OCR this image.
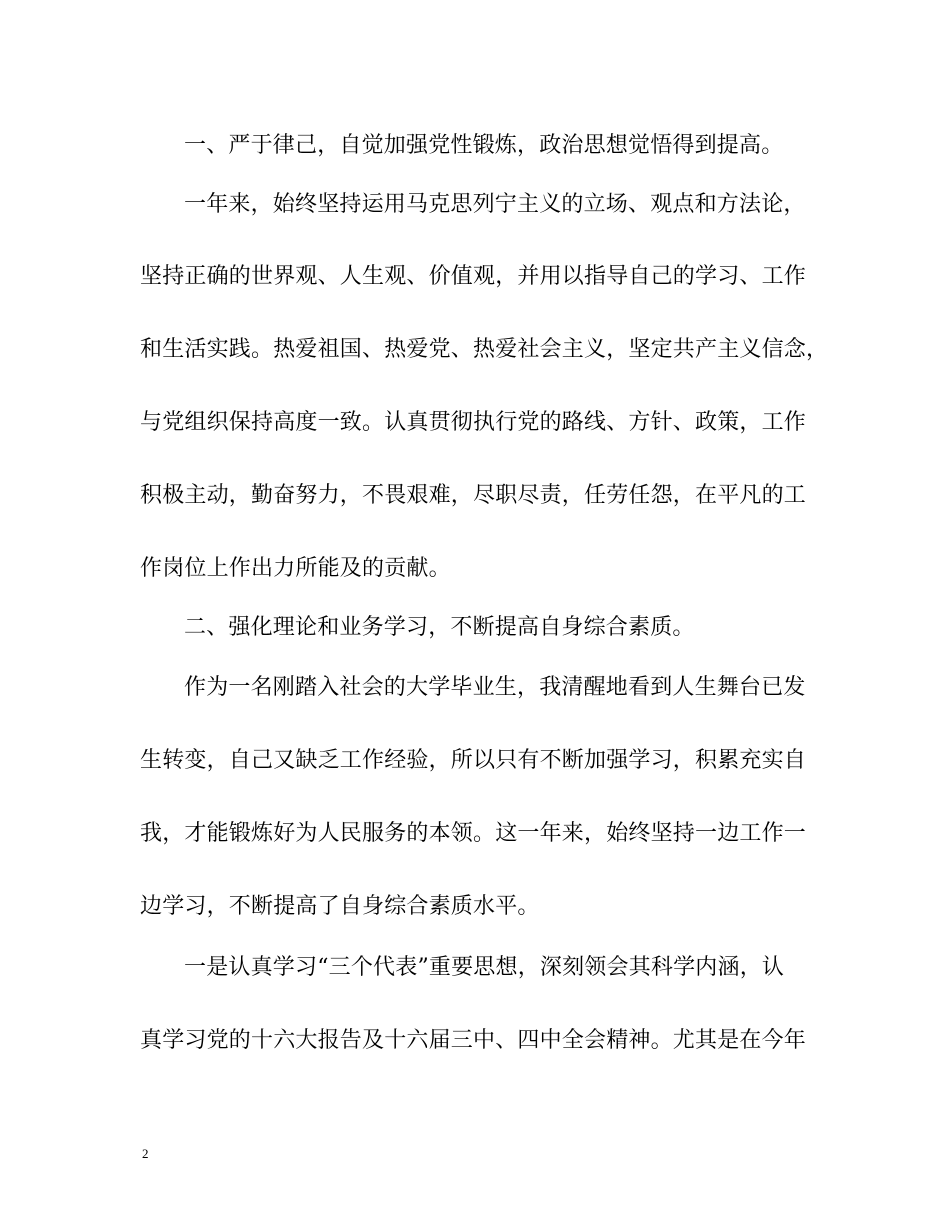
一、严于律己，自觉加强党性锻炼，政治思想觉悟得到提高。
一年来，始终坚持运用马克思列宁主义的立场、观点和方法论，
坚持正确的世界观、人生观、价值观，并用以指导自己的学习、工作
和生活实践。热爱祖国、热爱党、热爱社会主义，坚定共产主义信念，
与党组织保持高度一致。认真贯彻执行党的路线、方针、政策，工作
积极主动，勤奋努力，不畏艰难，尽职尽责，任劳任怨，在平凡的工
作岗位上作出力所能及的贡献。
二、强化理论和业务学习，不断提高自身综合素质。
作为一名刚踏入社会的大学毕业生，我清醒地看到人生舞台已发
生转变，自己又缺乏工作经验，所以只有不断加强学习，积累充实自
我，才能锻炼好为人民服务的本领。这一年来，始终坚持一边工作一
边学习，不断提高了自身综合素质水平。
一是认真学习“三个代表”重要思想，深刻领会其科学内涵，认
真学习党的十六大报告及十六届三中、四中全会精神。尤其是在今年
2
